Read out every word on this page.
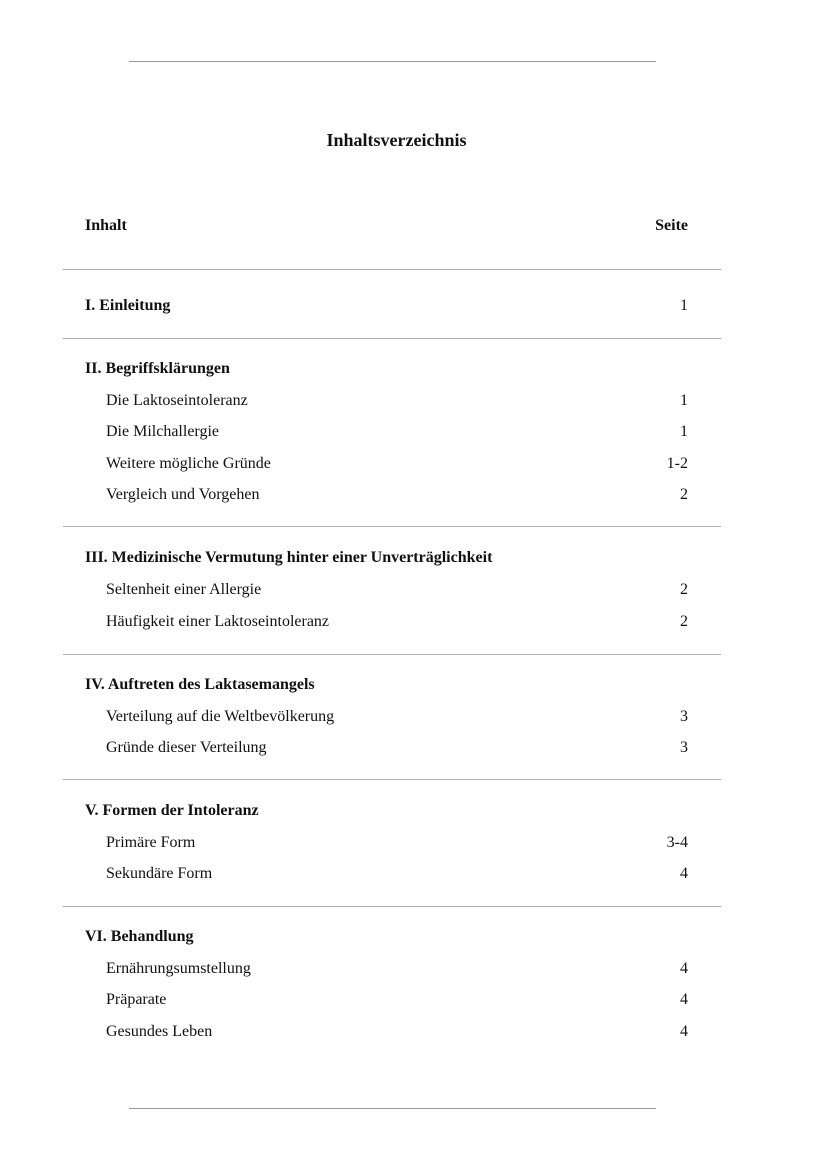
Inhaltsverzeichnis
Inhalt	Seite
I. Einleitung	1
II. Begriffsklärungen
Die Laktoseintoleranz	1
Die Milchallergie	1
Weitere mögliche Gründe	1-2
Vergleich und Vorgehen	2
III. Medizinische Vermutung hinter einer Unverträglichkeit
Seltenheit einer Allergie	2
Häufigkeit einer Laktoseintoleranz	2
IV. Auftreten des Laktasemangels
Verteilung auf die Weltbevölkerung	3
Gründe dieser Verteilung	3
V. Formen der Intoleranz
Primäre Form	3-4
Sekundäre Form	4
VI. Behandlung
Ernährungsumstellung	4
Präparate	4
Gesundes Leben	4
